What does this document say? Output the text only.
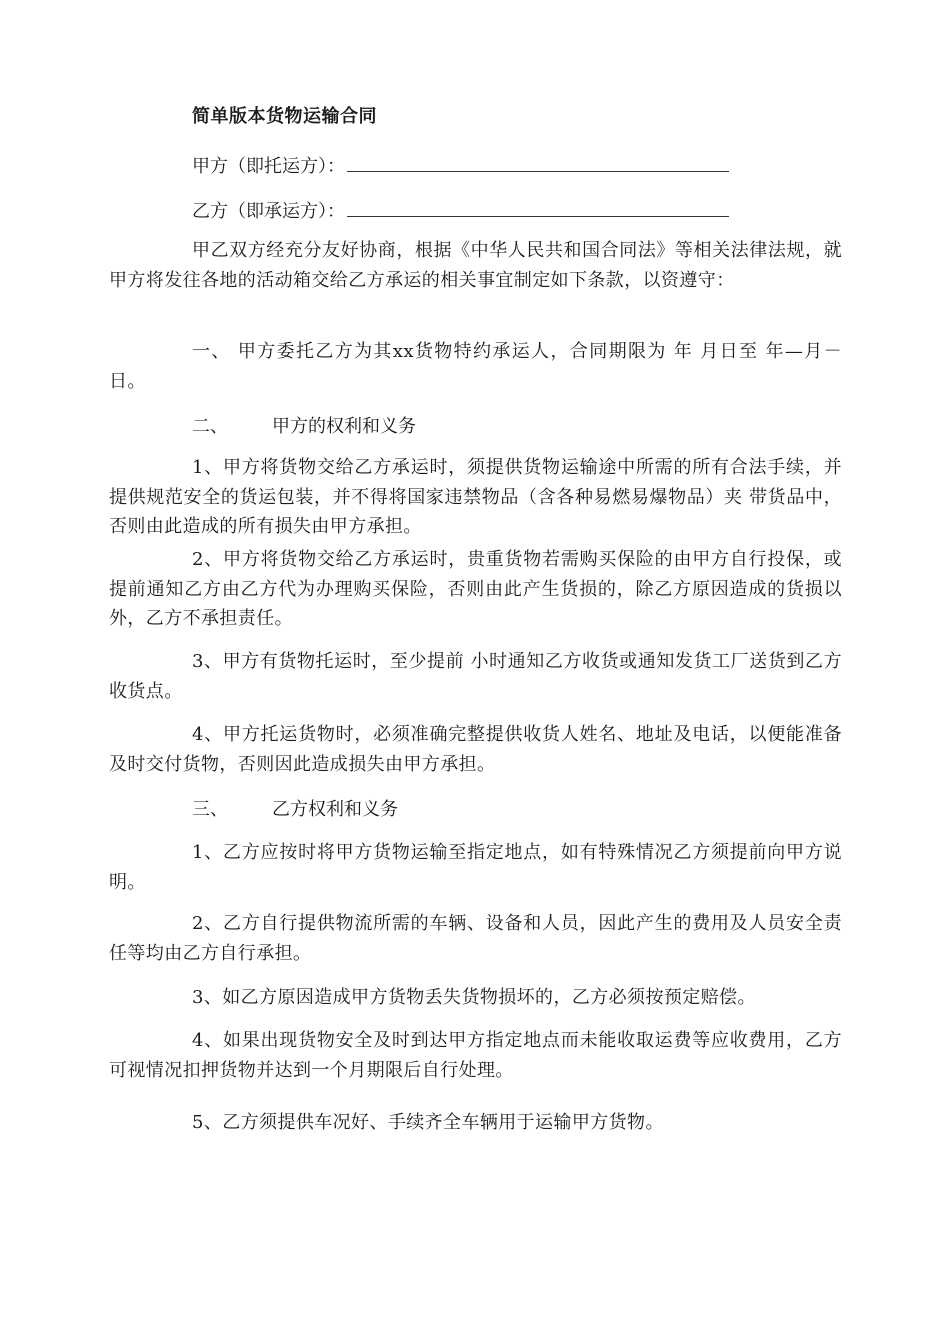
简单版本货物运输合同
甲方（即托运方）：
乙方（即承运方）：
甲乙双方经充分友好协商，根据《中华人民共和国合同法》等相关法律法规，就甲方将发往各地的活动箱交给乙方承运的相关事宜制定如下条款，以资遵守：
一、 甲方委托乙方为其xx货物特约承运人，合同期限为 年 月日至 年—月－日。
二、 甲方的权利和义务
1、甲方将货物交给乙方承运时，须提供货物运输途中所需的所有合法手续，并提供规范安全的货运包装，并不得将国家违禁物品（含各种易燃易爆物品）夹 带货品中，否则由此造成的所有损失由甲方承担。
2、甲方将货物交给乙方承运时，贵重货物若需购买保险的由甲方自行投保，或提前通知乙方由乙方代为办理购买保险，否则由此产生货损的，除乙方原因造成的货损以外，乙方不承担责任。
3、甲方有货物托运时，至少提前 小时通知乙方收货或通知发货工厂送货到乙方收货点。
4、甲方托运货物时，必须准确完整提供收货人姓名、地址及电话，以便能准备及时交付货物，否则因此造成损失由甲方承担。
三、 乙方权利和义务
1、乙方应按时将甲方货物运输至指定地点，如有特殊情况乙方须提前向甲方说明。
2、乙方自行提供物流所需的车辆、设备和人员，因此产生的费用及人员安全责任等均由乙方自行承担。
3、如乙方原因造成甲方货物丢失货物损坏的，乙方必须按预定赔偿。
4、如果出现货物安全及时到达甲方指定地点而未能收取运费等应收费用，乙方可视情况扣押货物并达到一个月期限后自行处理。
5、乙方须提供车况好、手续齐全车辆用于运输甲方货物。
